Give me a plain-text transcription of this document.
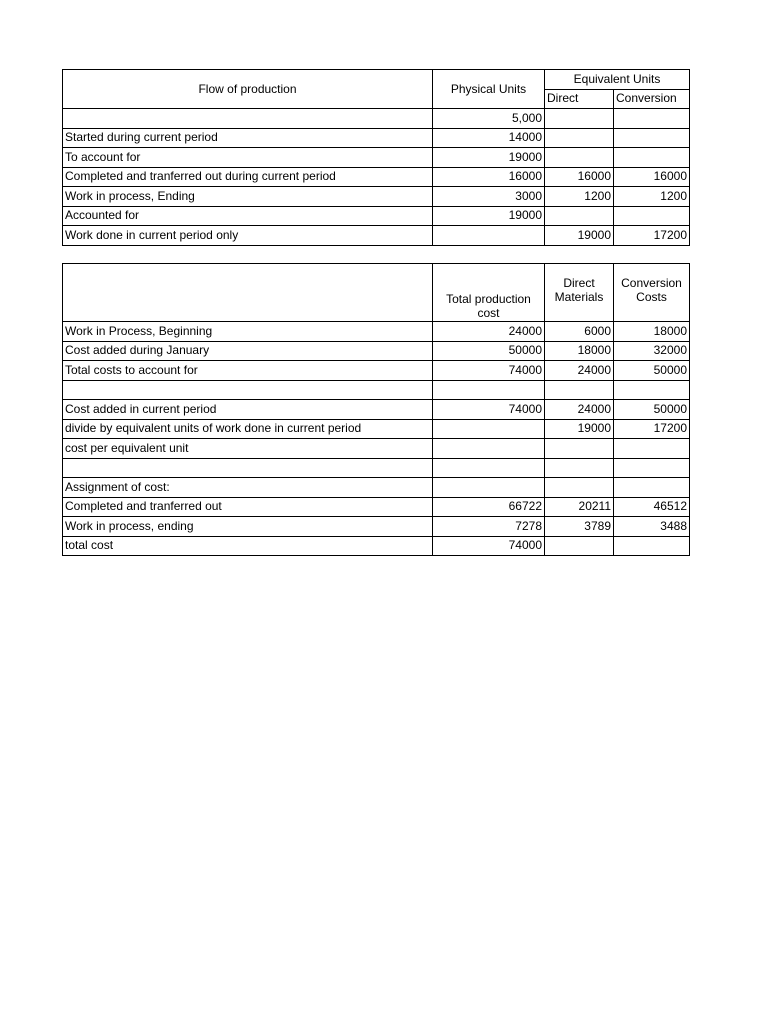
Flow of production	Physical Units	Equivalent Units	
		Direct	Conversion
	5,000		
Started during current period	14000		
To account for	19000		
Completed and tranferred out during current period	16000	16000	16000
Work in process, Ending	3000	1200	1200
Accounted for	19000		
Work done in current period only		19000	17200
	Total production cost	Direct Materials	Conversion Costs
Work in Process, Beginning	24000	6000	18000
Cost added during January	50000	18000	32000
Total costs to account for	74000	24000	50000

Cost added in current period	74000	24000	50000
divide by equivalent units of work done in current period		19000	17200
cost per equivalent unit			

Assignment of cost:			
Completed and tranferred out	66722	20211	46512
Work in process, ending	7278	3789	3488
total cost	74000		
